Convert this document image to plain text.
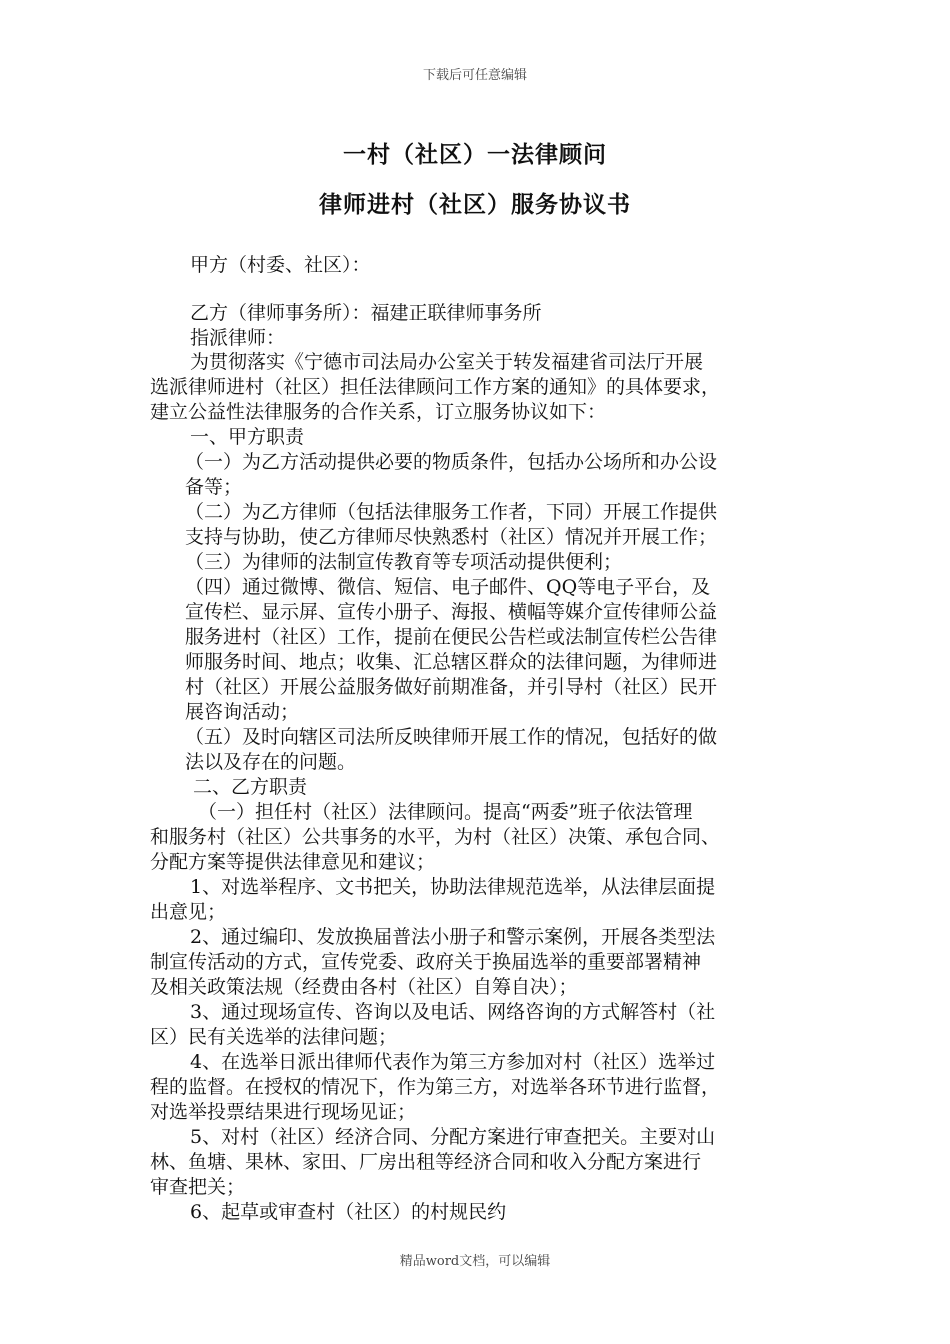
下载后可任意编辑
一村（社区）一法律顾问
律师进村（社区）服务协议书
甲方（村委、社区）：
乙方（律师事务所）：福建正联律师事务所
指派律师：
为贯彻落实《宁德市司法局办公室关于转发福建省司法厅开展
选派律师进村（社区）担任法律顾问工作方案的通知》的具体要求，
建立公益性法律服务的合作关系，订立服务协议如下：
一、甲方职责
（一）为乙方活动提供必要的物质条件，包括办公场所和办公设
备等；
（二）为乙方律师（包括法律服务工作者，下同）开展工作提供
支持与协助，使乙方律师尽快熟悉村（社区）情况并开展工作；
（三）为律师的法制宣传教育等专项活动提供便利；
（四）通过微博、微信、短信、电子邮件、QQ等电子平台，及
宣传栏、显示屏、宣传小册子、海报、横幅等媒介宣传律师公益
服务进村（社区）工作，提前在便民公告栏或法制宣传栏公告律
师服务时间、地点；收集、汇总辖区群众的法律问题，为律师进
村（社区）开展公益服务做好前期准备，并引导村（社区）民开
展咨询活动；
（五）及时向辖区司法所反映律师开展工作的情况，包括好的做
法以及存在的问题。
二、乙方职责
（一）担任村（社区）法律顾问。提高“两委”班子依法管理
和服务村（社区）公共事务的水平，为村（社区）决策、承包合同、
分配方案等提供法律意见和建议；
1、对选举程序、文书把关，协助法律规范选举，从法律层面提
出意见；
2、通过编印、发放换届普法小册子和警示案例，开展各类型法
制宣传活动的方式，宣传党委、政府关于换届选举的重要部署精神
及相关政策法规（经费由各村（社区）自筹自决）；
3、通过现场宣传、咨询以及电话、网络咨询的方式解答村（社
区）民有关选举的法律问题；
4、在选举日派出律师代表作为第三方参加对村（社区）选举过
程的监督。在授权的情况下，作为第三方，对选举各环节进行监督，
对选举投票结果进行现场见证；
5、对村（社区）经济合同、分配方案进行审查把关。主要对山
林、鱼塘、果林、家田、厂房出租等经济合同和收入分配方案进行
审查把关；
6、起草或审查村（社区）的村规民约
精品word文档，可以编辑
